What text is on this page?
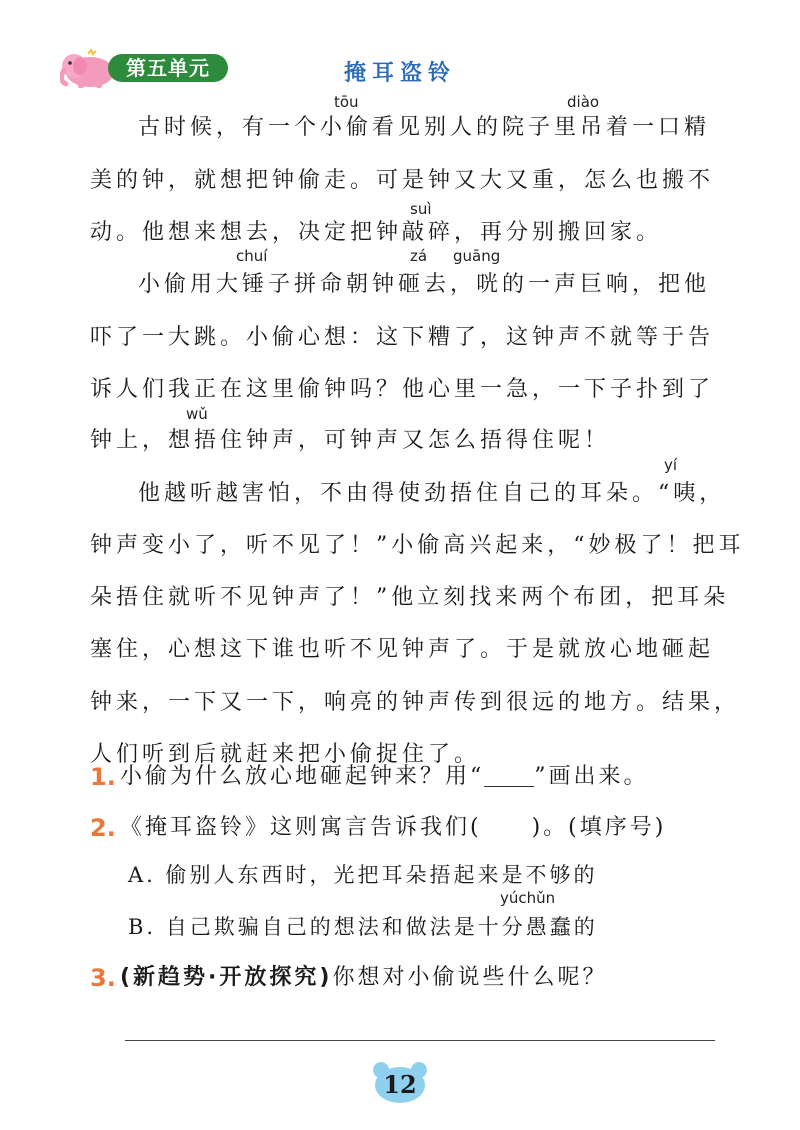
第五单元	掩耳盗铃
tōu	diào
suì
chuí	zá guāng
wǔ
yí
古时候，有一个小偷看见别人的院子里吊着一口精
美的钟，就想把钟偷走。可是钟又大又重，怎么也搬不
动。他想来想去，决定把钟敲碎，再分别搬回家。
小偷用大锤子拼命朝钟砸去，咣的一声巨响，把他
吓了一大跳。小偷心想：这下糟了，这钟声不就等于告
诉人们我正在这里偷钟吗？他心里一急，一下子扑到了
钟上，想捂住钟声，可钟声又怎么捂得住呢！
他越听越害怕，不由得使劲捂住自己的耳朵。“咦，
钟声变小了，听不见了！”小偷高兴起来，“妙极了！把耳
朵捂住就听不见钟声了！”他立刻找来两个布团，把耳朵
塞住，心想这下谁也听不见钟声了。于是就放心地砸起
钟来，一下又一下，响亮的钟声传到很远的地方。结果，
人们听到后就赶来把小偷捉住了。
1. 小偷为什么放心地砸起钟来？用“ ”画出来。
2. 《掩耳盗铃》这则寓言告诉我们(　　)。(填序号)
A. 偷别人东西时，光把耳朵捂起来是不够的
yúchǔn
B. 自己欺骗自己的想法和做法是十分愚蠢的
3. (新趋势·开放探究)你想对小偷说些什么呢？
12
